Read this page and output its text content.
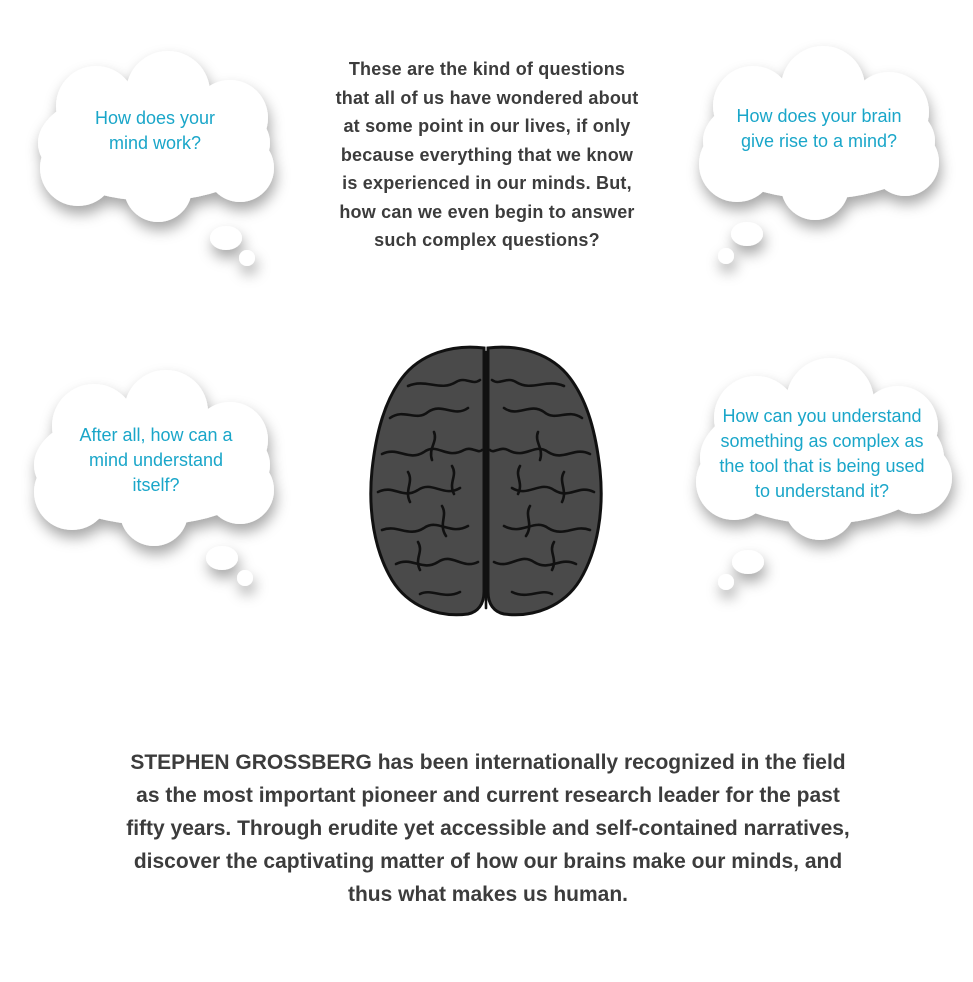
These are the kind of questions that all of us have wondered about at some point in our lives, if only because everything that we know is experienced in our minds. But, how can we even begin to answer such complex questions?
STEPHEN GROSSBERG has been internationally recognized in the field as the most important pioneer and current research leader for the past fifty years. Through erudite yet accessible and self-contained narratives, discover the captivating matter of how our brains make our minds, and thus what makes us human.
How does your mind work?
How does your brain give rise to a mind?
After all, how can a mind understand itself?
How can you understand something as complex as the tool that is being used to understand it?
